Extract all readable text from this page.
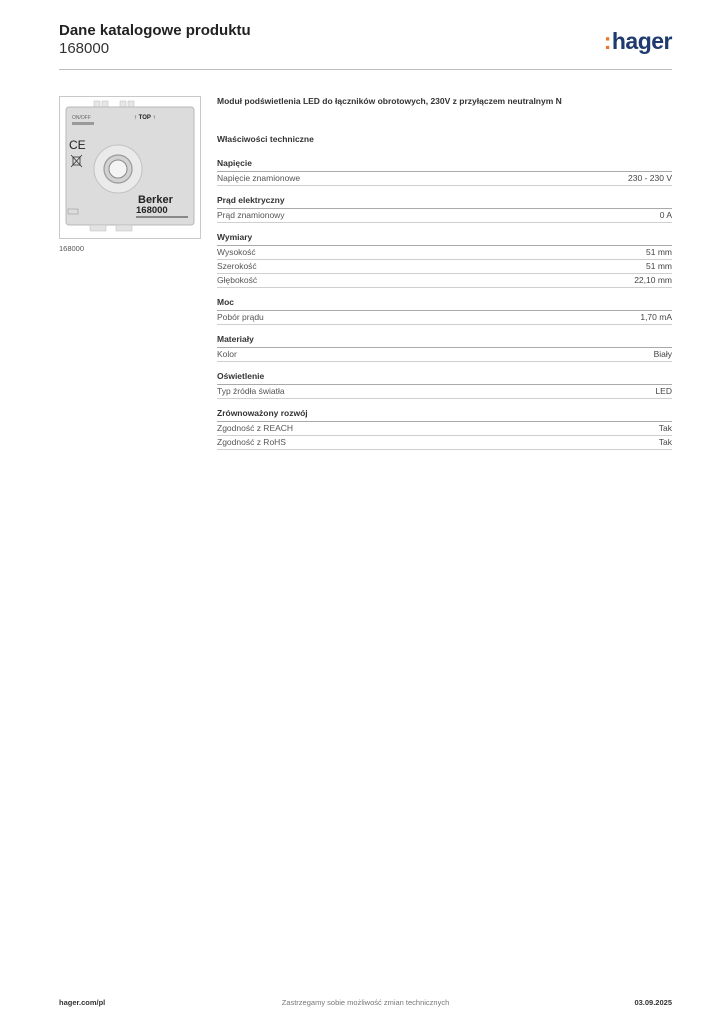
Dane katalogowe produktu
168000	:hager
ON/OFF	↑ TOP ↑
CE
Berker
168000
168000
Moduł podświetlenia LED do łączników obrotowych, 230V z przyłączem neutralnym N
Właściwości techniczne
Napięcie
Napięcie znamionowe	230 - 230 V
Prąd elektryczny
Prąd znamionowy	0 A
Wymiary
Wysokość	51 mm
Szerokość	51 mm
Głębokość	22,10 mm
Moc
Pobór prądu	1,70 mA
Materiały
Kolor	Biały
Oświetlenie
Typ źródła światła	LED
Zrównoważony rozwój
Zgodność z REACH	Tak
Zgodność z RoHS	Tak
hager.com/pl	Zastrzegamy sobie możliwość zmian technicznych	03.09.2025
